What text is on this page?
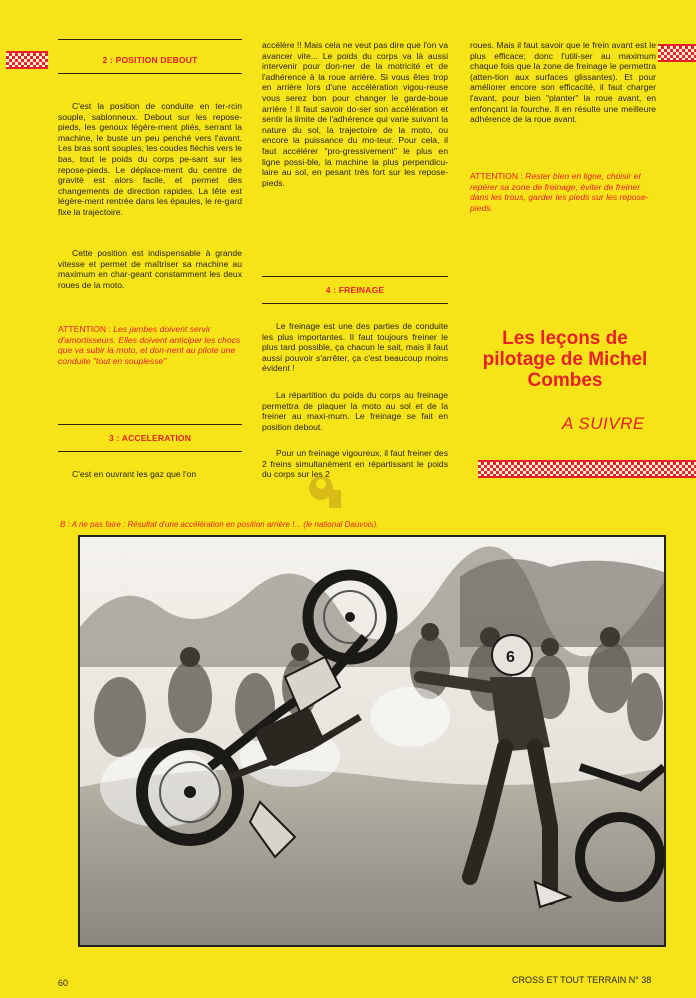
2 : POSITION DEBOUT

C'est la position de conduite en ter-rcin souple, sablonneux. Debout sur les repose-pieds, les genoux légère-ment pliés, serrant la machine, le buste un peu penché vers l'avant. Les bras sont souples, les coudes fléchis vers le bas, tout le poids du corps pe-sant sur les repose-pieds. Le déplace-ment du centre de gravité est alors facile, et permet des changements de direction rapides. La tête est légère-ment rentrée dans les épaules, le re-gard fixe la trajectoire.

Cette position est indispensable à grande vitesse et permet de maîtriser sa machine au maximum en char-geant constamment les deux roues de la moto.

ATTENTION : Les jambes doivent servir d'amortisseurs. Elles doivent anticiper les chocs que va subir la moto, et don-nent au pilote une conduite "tout en souplesse"

3 : ACCELERATION

C'est en ouvrant les gaz que l'on

accélère !! Mais cela ne veut pas dire que l'on va avancer vite... Le poids du corps va là aussi intervenir pour don-ner de la motricité et de l'adhérence à la roue arrière. Si vous êtes trop en arrière lors d'une accélération vigou-reuse vous serez bon pour changer le garde-boue arrière ! Il faut savoir do-ser son accélération et sentir la limite de l'adhérence qui varie suivant la nature du sol, la trajectoire de la moto, ou encore la puissance du mo-teur. Pour cela, il faut accélérer "pro-gressivement" le plus en ligne possi-ble, la machine la plus perpendicu-laire au sol, en pesant très fort sur les repose-pieds.

4 : FREINAGE

Le freinage est une des parties de conduite les plus importantes. Il faut toujours freiner le plus tard possible, ça chacun le sait, mais il faut aussi pouvoir s'arrêter, ça c'est beaucoup moins évident !

La répartition du poids du corps au freinage permettra de plaquer la moto au sol et de la freiner au maxi-mum. Le freinage se fait en position debout.

Pour un freinage vigoureux, il faut freiner des 2 freins simultanément en répartissant le poids du corps sur les 2

roues. Mais il faut savoir que le frein avant est le plus efficace; donc l'utili-ser au maximum chaque fois que la zone de freinage le permettra (atten-tion aux surfaces glissantes). Et pour améliorer encore son efficacité, il faut charger l'avant, pour bien "planter" la roue avant, en enfonçant la fourche. Il en résulte une meilleure adhérence de la roue avant.

ATTENTION : Rester bien en ligne, choisir et repérer sa zone de freinage, éviter de freiner dans les trous, garder les pieds sur les repose-pieds.

Les leçons de pilotage de Michel Combes
A SUIVRE
B : A ne pas faire : Résultat d'une accélération en position arrière !... (le national Dauvois).
6
60	CROSS ET TOUT TERRAIN N° 38
